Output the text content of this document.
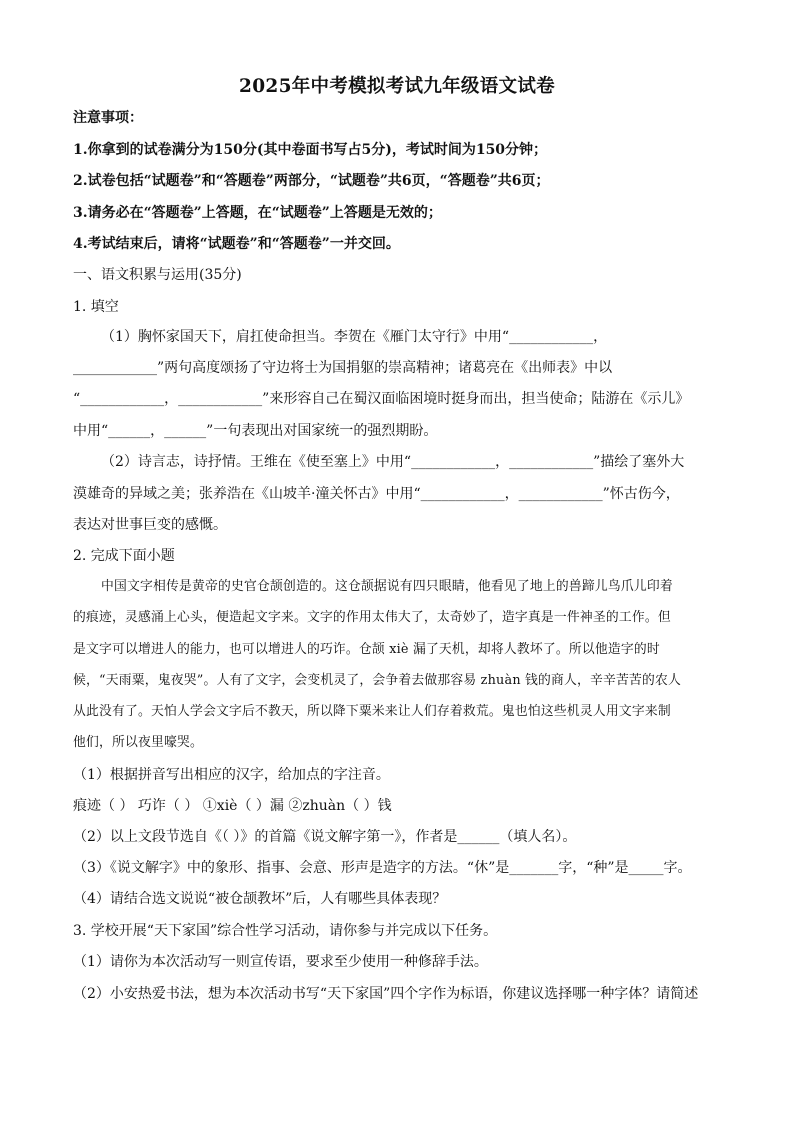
2025年中考模拟考试九年级语文试卷
注意事项：
1.你拿到的试卷满分为150分(其中卷面书写占5分)，考试时间为150分钟；
2.试卷包括“试题卷”和“答题卷”两部分，“试题卷”共6页，“答题卷”共6页；
3.请务必在“答题卷”上答题，在“试题卷”上答题是无效的；
4.考试结束后，请将“试题卷”和“答题卷”一并交回。
一、语文积累与运用(35分)
1. 填空
（1）胸怀家国天下，肩扛使命担当。李贺在《雁门太守行》中用“____________，
____________”两句高度颂扬了守边将士为国捐躯的崇高精神；诸葛亮在《出师表》中以
“____________，____________”来形容自己在蜀汉面临困境时挺身而出，担当使命；陆游在《示儿》
中用“______，______”一句表现出对国家统一的强烈期盼。
（2）诗言志，诗抒情。王维在《使至塞上》中用“____________，____________”描绘了塞外大
漠雄奇的异域之美；张养浩在《山坡羊·潼关怀古》中用“____________，____________”怀古伤今，
表达对世事巨变的感慨。
2. 完成下面小题
中国文字相传是黄帝的史官仓颉创造的。这仓颉据说有四只眼睛，他看见了地上的兽蹄儿鸟爪儿印着
的痕迹，灵感涌上心头，便造起文字来。文字的作用太伟大了，太奇妙了，造字真是一件神圣的工作。但
是文字可以增进人的能力，也可以增进人的巧诈。仓颉 xiè 漏了天机，却将人教坏了。所以他造字的时
候，“天雨粟，鬼夜哭”。人有了文字，会变机灵了，会争着去做那容易 zhuàn 钱的商人，辛辛苦苦的农人
从此没有了。天怕人学会文字后不教天，所以降下粟米来让人们存着救荒。鬼也怕这些机灵人用文字来制
他们，所以夜里嚎哭。
（1）根据拼音写出相应的汉字，给加点的字注音。
痕迹（ ） 巧诈（ ） ①xiè（ ）漏 ②zhuàn（ ）钱
（2）以上文段节选自《（ ）》的首篇《说文解字第一》，作者是______（填人名）。
（3）《说文解字》中的象形、指事、会意、形声是造字的方法。“休”是_______字，“种”是_____字。
（4）请结合选文说说“被仓颉教坏”后，人有哪些具体表现？
3. 学校开展“天下家国”综合性学习活动，请你参与并完成以下任务。
（1）请你为本次活动写一则宣传语，要求至少使用一种修辞手法。
（2）小安热爱书法，想为本次活动书写“天下家国”四个字作为标语，你建议选择哪一种字体？请简述
